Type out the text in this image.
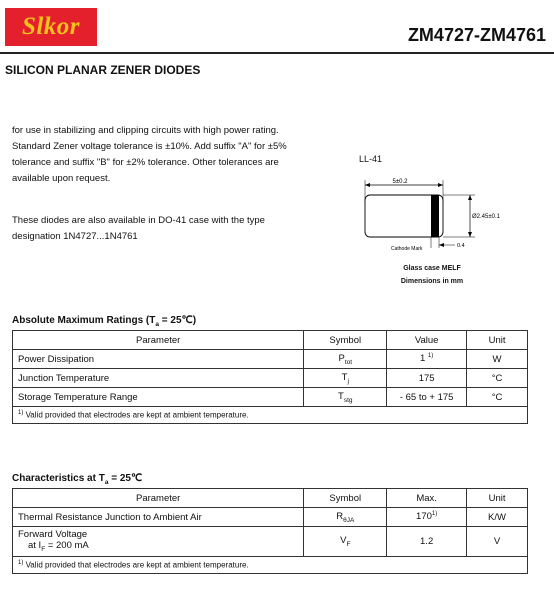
Slkor	ZM4727-ZM4761
SILICON PLANAR ZENER DIODES
for use in stabilizing and clipping circuits with high power rating. Standard Zener voltage tolerance is ±10%. Add suffix "A" for ±5% tolerance and suffix "B" for ±2% tolerance. Other tolerances are available upon request.
These diodes are also available in DO-41 case with the type designation 1N4727...1N4761
LL-41
5±0.2
Ø2.45±0.1
0.4
Cathode Mark
Glass case MELF
Dimensions in mm
Absolute Maximum Ratings ($T_a$ = 25℃)
Parameter	Symbol	Value	Unit
Power Dissipation	$P_{tot}$	1 $^{1)}$	W
Junction Temperature	$T_j$	175	°C
Storage Temperature Range	$T_{stg}$	- 65 to + 175	°C
$^{1)}$ Valid provided that electrodes are kept at ambient temperature.			
Characteristics at $T_a$ = 25℃
Parameter	Symbol	Max.	Unit
Thermal Resistance Junction to Ambient Air	$R_{\theta JA}$	170$^{1)}$	K/W

Forward Voltage
at $I_F = 200$ mA	$V_F$	1.2	V
$^{1)}$ Valid provided that electrodes are kept at ambient temperature.			
